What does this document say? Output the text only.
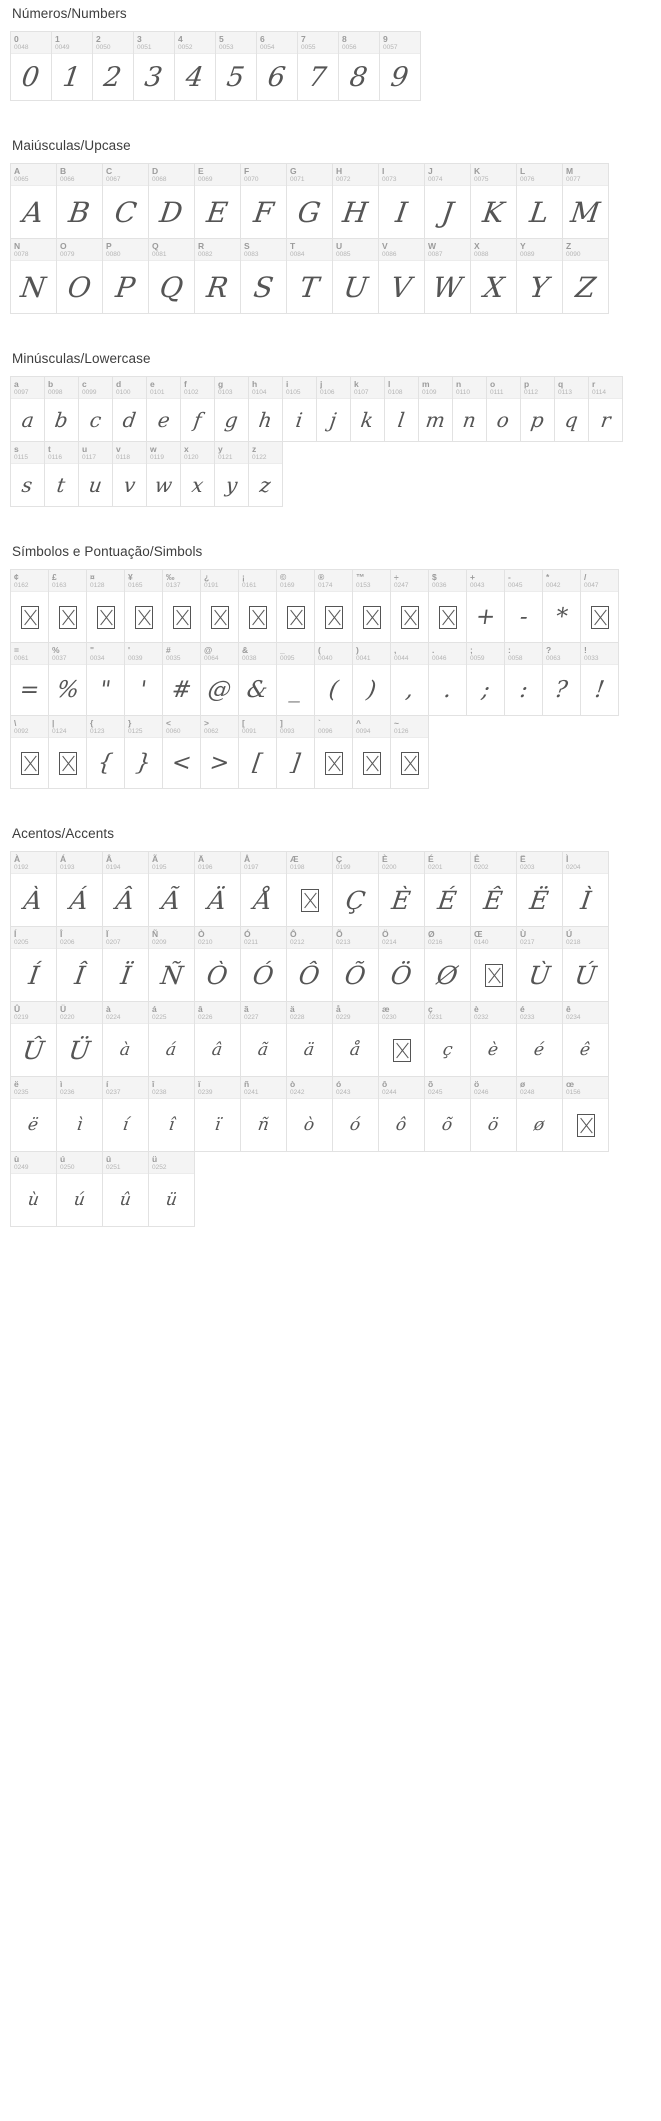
Números/Numbers
0
0048
0
1
0049
1
2
0050
2
3
0051
3
4
0052
4
5
0053
5
6
0054
6
7
0055
7
8
0056
8
9
0057
9
Maiúsculas/Upcase
A
0065
A
B
0066
B
C
0067
C
D
0068
D
E
0069
E
F
0070
F
G
0071
G
H
0072
H
I
0073
I
J
0074
J
K
0075
K
L
0076
L
M
0077
M
N
0078
N
O
0079
O
P
0080
P
Q
0081
Q
R
0082
R
S
0083
S
T
0084
T
U
0085
U
V
0086
V
W
0087
W
X
0088
X
Y
0089
Y
Z
0090
Z
Minúsculas/Lowercase
a
0097
a
b
0098
b
c
0099
c
d
0100
d
e
0101
e
f
0102
f
g
0103
g
h
0104
h
i
0105
i
j
0106
j
k
0107
k
l
0108
l
m
0109
m
n
0110
n
o
0111
o
p
0112
p
q
0113
q
r
0114
r
s
0115
s
t
0116
t
u
0117
u
v
0118
v
w
0119
w
x
0120
x
y
0121
y
z
0122
z
Símbolos e Pontuação/Simbols
¢
0162
£
0163
¤
0128
¥
0165
‰
0137
¿
0191
¡
0161
©
0169
®
0174
™
0153
÷
0247
$
0036
+
0043
+
-
0045
-
*
0042
*
/
0047
=
0061
=
%
0037
%
"
0034
"
'
0039
'
#
0035
#
@
0064
@
&
0038
&
_
0095
_
(
0040
(
)
0041
)
,
0044
,
.
0046
.
;
0059
;
:
0058
:
?
0063
?
!
0033
!
\
0092
|
0124
{
0123
{
}
0125
}
<
0060
<
>
0062
>
[
0091
[
]
0093
]
`
0096
^
0094
~
0126
Acentos/Accents
À
0192
À
Á
0193
Á
Â
0194
Â
Ã
0195
Ã
Ä
0196
Ä
Å
0197
Å
Æ
0198
Ç
0199
Ç
È
0200
È
É
0201
É
Ê
0202
Ê
Ë
0203
Ë
Ì
0204
Ì
Í
0205
Í
Î
0206
Î
Ï
0207
Ï
Ñ
0209
Ñ
Ò
0210
Ò
Ó
0211
Ó
Ô
0212
Ô
Õ
0213
Õ
Ö
0214
Ö
Ø
0216
Ø
Œ
0140
Ù
0217
Ù
Ú
0218
Ú
Û
0219
Û
Ü
0220
Ü
à
0224
à
á
0225
á
â
0226
â
ã
0227
ã
ä
0228
ä
å
0229
å
æ
0230
ç
0231
ç
è
0232
è
é
0233
é
ê
0234
ê
ë
0235
ë
ì
0236
ì
í
0237
í
î
0238
î
ï
0239
ï
ñ
0241
ñ
ò
0242
ò
ó
0243
ó
ô
0244
ô
õ
0245
õ
ö
0246
ö
ø
0248
ø
œ
0156
ù
0249
ù
ú
0250
ú
û
0251
û
ü
0252
ü
